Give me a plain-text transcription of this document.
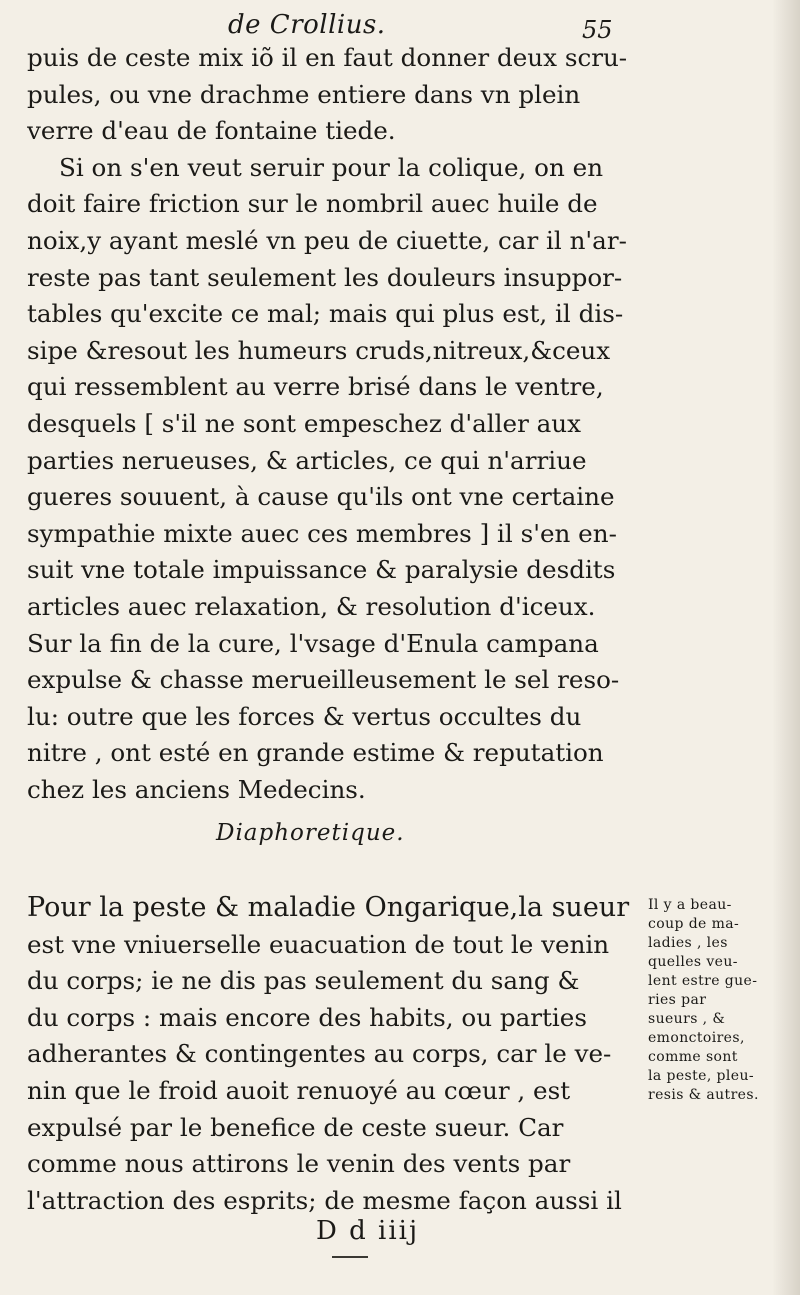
de Crollius.	55
puis de ceste mix iõ il en faut donner deux scru-
pules, ou vne drachme entiere dans vn plein
verre d'eau de fontaine tiede.
Si on s'en veut seruir pour la colique, on en
doit faire friction sur le nombril auec huile de
noix,y ayant meslé vn peu de ciuette, car il n'ar-
reste pas tant seulement les douleurs insuppor-
tables qu'excite ce mal; mais qui plus est, il dis-
sipe &resout les humeurs cruds,nitreux,&ceux
qui ressemblent au verre brisé dans le ventre,
desquels [ s'il ne sont empeschez d'aller aux
parties nerueuses, & articles, ce qui n'arriue
gueres souuent, à cause qu'ils ont vne certaine
sympathie mixte auec ces membres ] il s'en en-
suit vne totale impuissance & paralysie desdits
articles auec relaxation, & resolution d'iceux.
Sur la fin de la cure, l'vsage d'Enula campana
expulse & chasse merueilleusement le sel reso-
lu: outre que les forces & vertus occultes du
nitre , ont esté en grande estime & reputation
chez les anciens Medecins.
Diaphoretique.
Pour la peste & maladie Ongarique,la sueur
est vne vniuerselle euacuation de tout le venin
du corps; ie ne dis pas seulement du sang &
du corps : mais encore des habits, ou parties
adherantes & contingentes au corps, car le ve-
nin que le froid auoit renuoyé au cœur , est
expulsé par le benefice de ceste sueur. Car
comme nous attirons le venin des vents par
l'attraction des esprits; de mesme façon aussi il
Il y a beau-
coup de ma-
ladies , les
quelles veu-
lent estre gue-
ries par
sueurs , &
emonctoires,
comme sont
la peste, pleu-
resis & autres.
D d iiij
